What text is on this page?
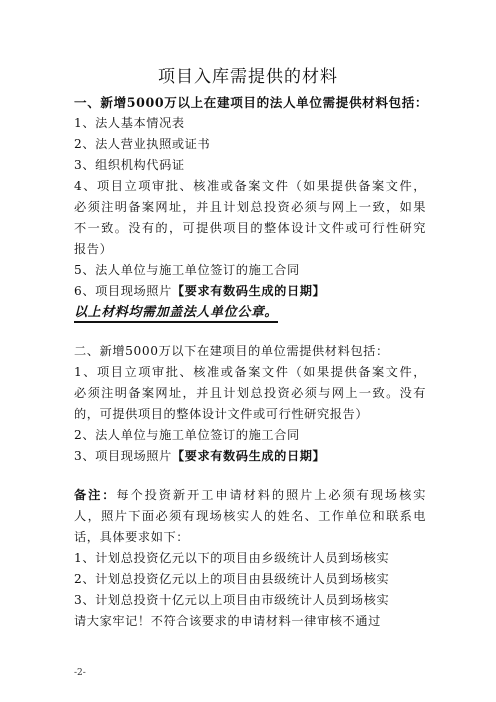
项目入库需提供的材料
一、新增5000万以上在建项目的法人单位需提供材料包括：
1、法人基本情况表
2、法人营业执照或证书
3、组织机构代码证
4、项目立项审批、核准或备案文件（如果提供备案文件，
必须注明备案网址，并且计划总投资必须与网上一致，如果
不一致。没有的，可提供项目的整体设计文件或可行性研究
报告）
5、法人单位与施工单位签订的施工合同
6、项目现场照片【要求有数码生成的日期】
以上材料均需加盖法人单位公章。
二、新增5000万以下在建项目的单位需提供材料包括：
1、项目立项审批、核准或备案文件（如果提供备案文件，
必须注明备案网址，并且计划总投资必须与网上一致。没有
的，可提供项目的整体设计文件或可行性研究报告）
2、法人单位与施工单位签订的施工合同
3、项目现场照片【要求有数码生成的日期】
备注：每个投资新开工申请材料的照片上必须有现场核实
人，照片下面必须有现场核实人的姓名、工作单位和联系电
话，具体要求如下：
1、计划总投资亿元以下的项目由乡级统计人员到场核实
2、计划总投资亿元以上的项目由县级统计人员到场核实
3、计划总投资十亿元以上项目由市级统计人员到场核实
请大家牢记！不符合该要求的申请材料一律审核不通过
-2-
